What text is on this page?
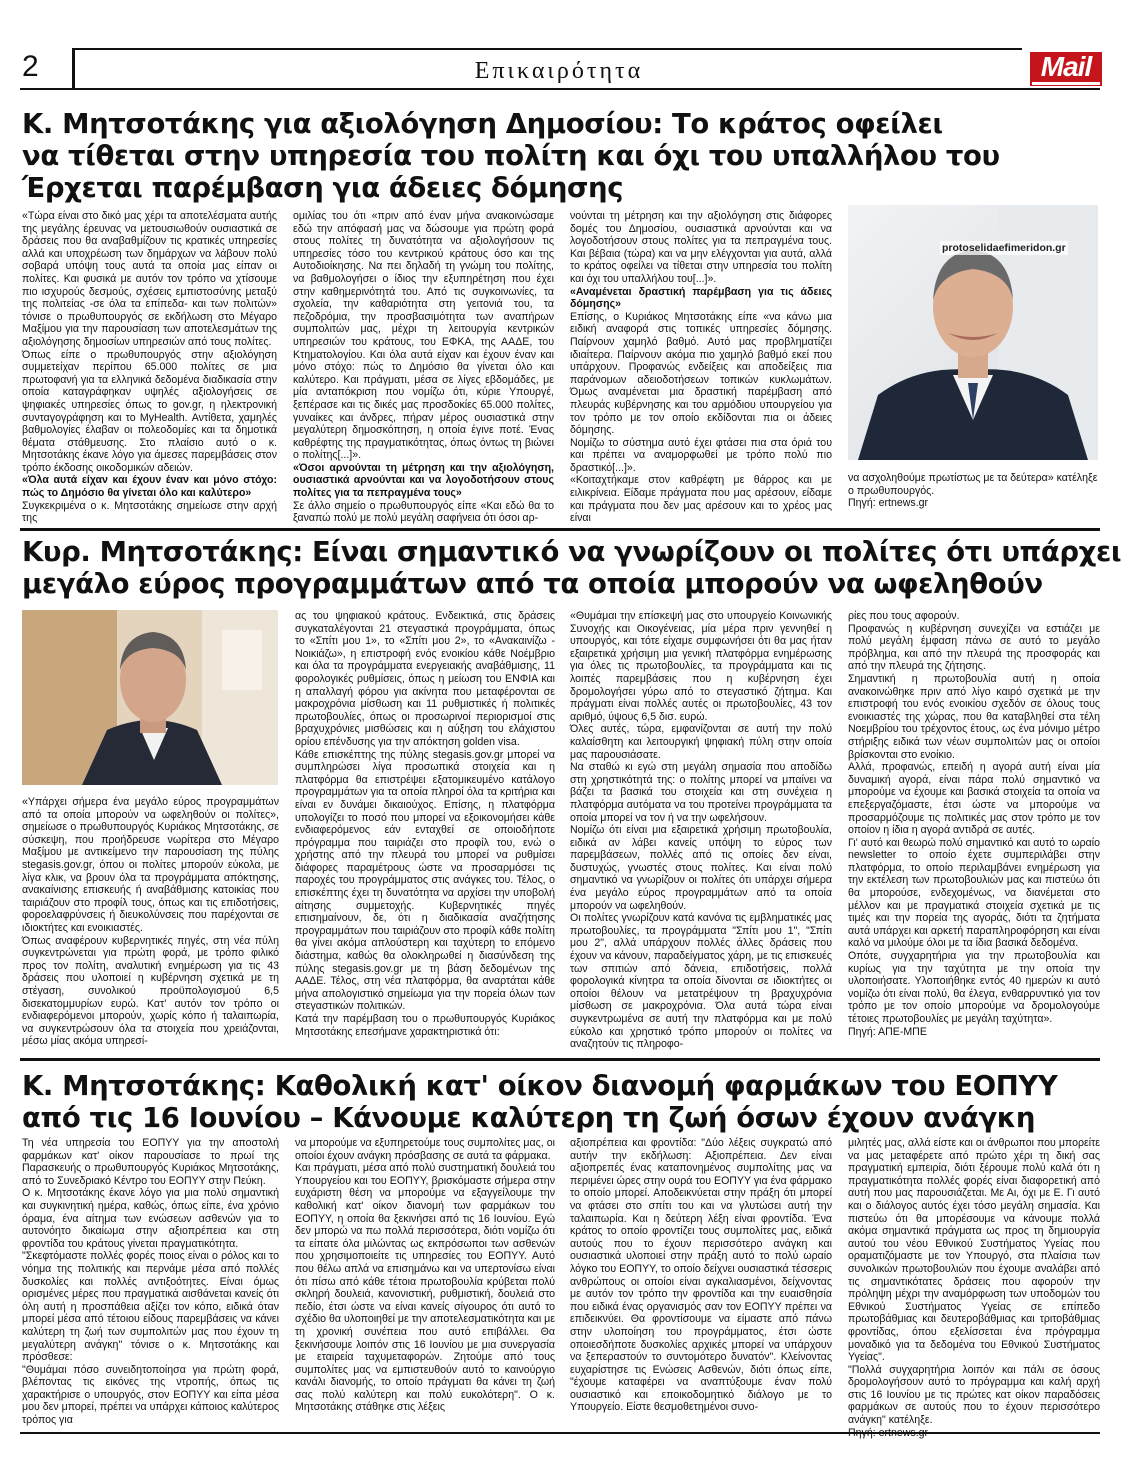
2	Επικαιρότητα	Mail
Κ. Μητσοτάκης για αξιολόγηση Δημοσίου: Το κράτος οφείλει
να τίθεται στην υπηρεσία του πολίτη και όχι του υπαλλήλου του
Έρχεται παρέμβαση για άδειες δόμησης

«Τώρα είναι στο δικό μας χέρι τα αποτελέσματα αυτής της μεγάλης έρευνας να μετουσιωθούν ουσιαστικά σε δράσεις που θα αναβαθμίζουν τις κρατικές υπηρεσίες αλλά και υποχρέωση των δημάρχων να λάβουν πολύ σοβαρά υπόψη τους αυτά τα οποία μας είπαν οι πολίτες. Και φυσικά με αυτόν τον τρόπο να χτίσουμε πιο ισχυρούς δεσμούς, σχέσεις εμπιστοσύνης μεταξύ της πολιτείας -σε όλα τα επίπεδα- και των πολιτών» τόνισε ο πρωθυπουργός σε εκδήλωση στο Μέγαρο Μαξίμου για την παρουσίαση των αποτελεσμάτων της αξιολόγησης δημοσίων υπηρεσιών από τους πολίτες.

Όπως είπε ο πρωθυπουργός στην αξιολόγηση συμμετείχαν περίπου 65.000 πολίτες σε μια πρωτοφανή για τα ελληνικά δεδομένα διαδικασία στην οποία καταγράφηκαν υψηλές αξιολογήσεις σε ψηφιακές υπηρεσίες όπως το gov.gr, η ηλεκτρονική συνταγογράφηση και το MyHealth. Αντίθετα, χαμηλές βαθμολογίες έλαβαν οι πολεοδομίες και τα δημοτικά θέματα στάθμευσης. Στο πλαίσιο αυτό ο κ. Μητσοτάκης έκανε λόγο για άμεσες παρεμβάσεις στον τρόπο έκδοσης οικοδομικών αδειών.

«Όλα αυτά είχαν και έχουν έναν και μόνο στόχο: πώς το Δημόσιο θα γίνεται όλο και καλύτερο»

Συγκεκριμένα ο κ. Μητσοτάκης σημείωσε στην αρχή της

ομιλίας του ότι «πριν από έναν μήνα ανακοινώσαμε εδώ την απόφασή μας να δώσουμε για πρώτη φορά στους πολίτες τη δυνατότητα να αξιολογήσουν τις υπηρεσίες τόσο του κεντρικού κράτους όσο και της Αυτοδιοίκησης. Να πει δηλαδή τη γνώμη του πολίτης, να βαθμολογήσει ο ίδιος την εξυπηρέτηση που έχει στην καθημερινότητά του. Από τις συγκοινωνίες, τα σχολεία, την καθαριότητα στη γειτονιά του, τα πεζοδρόμια, την προσβασιμότητα των αναπήρων συμπολιτών μας, μέχρι τη λειτουργία κεντρικών υπηρεσιών του κράτους, του ΕΦΚΑ, της ΑΑΔΕ, του Κτηματολογίου. Και όλα αυτά είχαν και έχουν έναν και μόνο στόχο: πώς το Δημόσιο θα γίνεται όλο και καλύτερο. Και πράγματι, μέσα σε λίγες εβδομάδες, με μία ανταπόκριση που νομίζω ότι, κύριε Υπουργέ, ξεπέρασε και τις δικές μας προσδοκίες 65.000 πολίτες, γυναίκες και άνδρες, πήραν μέρος ουσιαστικά στην μεγαλύτερη δημοσκόπηση, η οποία έγινε ποτέ. Ένας καθρέφτης της πραγματικότητας, όπως όντως τη βιώνει ο πολίτης[...]».

«Όσοι αρνούνται τη μέτρηση και την αξιολόγηση, ουσιαστικά αρνούνται και να λογοδοτήσουν στους πολίτες για τα πεπραγμένα τους»

Σε άλλο σημείο ο πρωθυπουργός είπε «Και εδώ θα το ξαναπώ πολύ με πολύ μεγάλη σαφήνεια ότι όσοι αρ-

νούνται τη μέτρηση και την αξιολόγηση στις διάφορες δομές του Δημοσίου, ουσιαστικά αρνούνται και να λογοδοτήσουν στους πολίτες για τα πεπραγμένα τους. Και βέβαια (τώρα) και να μην ελέγχονται για αυτά, αλλά το κράτος οφείλει να τίθεται στην υπηρεσία του πολίτη και όχι του υπαλλήλου του[...]».

«Αναμένεται δραστική παρέμβαση για τις άδειες δόμησης»

Επίσης, ο Κυριάκος Μητσοτάκης είπε «να κάνω μια ειδική αναφορά στις τοπικές υπηρεσίες δόμησης. Παίρνουν χαμηλό βαθμό. Αυτό μας προβληματίζει ιδιαίτερα. Παίρνουν ακόμα πιο χαμηλό βαθμό εκεί που υπάρχουν. Προφανώς ενδείξεις και αποδείξεις πια παράνομων αδειοδοτήσεων τοπικών κυκλωμάτων. Όμως αναμένεται μια δραστική παρέμβαση από πλευράς κυβέρνησης και του αρμόδιου υπουργείου για τον τρόπο με τον οποίο εκδίδονται πια οι άδειες δόμησης.

Νομίζω το σύστημα αυτό έχει φτάσει πια στα όριά του και πρέπει να αναμορφωθεί με τρόπο πολύ πιο δραστικό[...]».

«Κοιταχτήκαμε στον καθρέφτη με θάρρος και με ειλικρίνεια. Είδαμε πράγματα που μας αρέσουν, είδαμε και πράγματα που δεν μας αρέσουν και το χρέος μας είναι

protoselidaefimeridon.gr

να ασχοληθούμε πρωτίστως με τα δεύτερα» κατέληξε ο πρωθυπουργός.

Πηγή: ertnews.gr

Κυρ. Μητσοτάκης: Είναι σημαντικό να γνωρίζουν οι πολίτες ότι υπάρχει
μεγάλο εύρος προγραμμάτων από τα οποία μπορούν να ωφεληθούν

«Υπάρχει σήμερα ένα μεγάλο εύρος προγραμμάτων από τα οποία μπορούν να ωφεληθούν οι πολίτες», σημείωσε ο πρωθυπουργός Κυριάκος Μητσοτάκης, σε σύσκεψη, που προήδρευσε νωρίτερα στο Μέγαρο Μαξίμου με αντικείμενο την παρουσίαση της πύλης stegasis.gov.gr, όπου οι πολίτες μπορούν εύκολα, με λίγα κλικ, να βρουν όλα τα προγράμματα απόκτησης, ανακαίνισης επισκευής ή αναβάθμισης κατοικίας που ταιριάζουν στο προφίλ τους, όπως και τις επιδοτήσεις, φοροελαφρύνσεις ή διευκολύνσεις που παρέχονται σε ιδιοκτήτες και ενοικιαστές.

Όπως αναφέρουν κυβερνητικές πηγές, στη νέα πύλη συγκεντρώνεται για πρώτη φορά, με τρόπο φιλικό προς τον πολίτη, αναλυτική ενημέρωση για τις 43 δράσεις που υλοποιεί η κυβέρνηση σχετικά με τη στέγαση, συνολικού προϋπολογισμού 6,5 δισεκατομμυρίων ευρώ. Κατ' αυτόν τον τρόπο οι ενδιαφερόμενοι μπορούν, χωρίς κόπο ή ταλαιπωρία, να συγκεντρώσουν όλα τα στοιχεία που χρειάζονται, μέσω μίας ακόμα υπηρεσί-

ας του ψηφιακού κράτους. Ενδεικτικά, στις δράσεις συγκαταλέγονται 21 στεγαστικά προγράμματα, όπως το «Σπίτι μου 1», το «Σπίτι μου 2», το «Ανακαινίζω - Νοικιάζω», η επιστροφή ενός ενοικίου κάθε Νοέμβριο και όλα τα προγράμματα ενεργειακής αναβάθμισης, 11 φορολογικές ρυθμίσεις, όπως η μείωση του ΕΝΦΙΑ και η απαλλαγή φόρου για ακίνητα που μεταφέρονται σε μακροχρόνια μίσθωση και 11 ρυθμιστικές ή πολιτικές πρωτοβουλίες, όπως οι προσωρινοί περιορισμοί στις βραχυχρόνιες μισθώσεις και η αύξηση του ελάχιστου ορίου επένδυσης για την απόκτηση golden visa.

Κάθε επισκέπτης της πύλης stegasis.gov.gr μπορεί να συμπληρώσει λίγα προσωπικά στοιχεία και η πλατφόρμα θα επιστρέψει εξατομικευμένο κατάλογο προγραμμάτων για τα οποία πληροί όλα τα κριτήρια και είναι εν δυνάμει δικαιούχος. Επίσης, η πλατφόρμα υπολογίζει το ποσό που μπορεί να εξοικονομήσει κάθε ενδιαφερόμενος εάν ενταχθεί σε οποιοδήποτε πρόγραμμα που ταιριάζει στο προφίλ του, ενώ ο χρήστης από την πλευρά του μπορεί να ρυθμίσει διάφορες παραμέτρους ώστε να προσαρμόσει τις παροχές του προγράμματος στις ανάγκες του. Τέλος, ο επισκέπτης έχει τη δυνατότητα να αρχίσει την υποβολή αίτησης συμμετοχής. Κυβερνητικές πηγές επισημαίνουν, δε, ότι η διαδικασία αναζήτησης προγραμμάτων που ταιριάζουν στο προφίλ κάθε πολίτη θα γίνει ακόμα απλούστερη και ταχύτερη το επόμενο διάστημα, καθώς θα ολοκληρωθεί η διασύνδεση της πύλης stegasis.gov.gr με τη βάση δεδομένων της ΑΑΔΕ. Τέλος, στη νέα πλατφόρμα, θα αναρτάται κάθε μήνα απολογιστικό σημείωμα για την πορεία όλων των στεγαστικών πολιτικών.

Κατά την παρέμβαση του ο πρωθυπουργός Κυριάκος Μητσοτάκης επεσήμανε χαρακτηριστικά ότι:

«Θυμάμαι την επίσκεψή μας στο υπουργείο Κοινωνικής Συνοχής και Οικογένειας, μία μέρα πριν γεννηθεί η υπουργός, και τότε είχαμε συμφωνήσει ότι θα μας ήταν εξαιρετικά χρήσιμη μια γενική πλατφόρμα ενημέρωσης για όλες τις πρωτοβουλίες, τα προγράμματα και τις λοιπές παρεμβάσεις που η κυβέρνηση έχει δρομολογήσει γύρω από το στεγαστικό ζήτημα. Και πράγματι είναι πολλές αυτές οι πρωτοβουλίες, 43 τον αριθμό, ύψους 6,5 δισ. ευρώ.

Όλες αυτές, τώρα, εμφανίζονται σε αυτή την πολύ καλαίσθητη και λειτουργική ψηφιακή πύλη στην οποία μας παρουσιάσατε.

Να σταθώ κι εγώ στη μεγάλη σημασία που αποδίδω στη χρηστικότητά της: ο πολίτης μπορεί να μπαίνει να βάζει τα βασικά του στοιχεία και στη συνέχεια η πλατφόρμα αυτόματα να του προτείνει προγράμματα τα οποία μπορεί να τον ή να την ωφελήσουν.

Νομίζω ότι είναι μια εξαιρετικά χρήσιμη πρωτοβουλία, ειδικά αν λάβει κανείς υπόψη το εύρος των παρεμβάσεων, πολλές από τις οποίες δεν είναι, δυστυχώς, γνωστές στους πολίτες. Και είναι πολύ σημαντικό να γνωρίζουν οι πολίτες ότι υπάρχει σήμερα ένα μεγάλο εύρος προγραμμάτων από τα οποία μπορούν να ωφεληθούν.

Οι πολίτες γνωρίζουν κατά κανόνα τις εμβληματικές μας πρωτοβουλίες, τα προγράμματα "Σπίτι μου 1", "Σπίτι μου 2", αλλά υπάρχουν πολλές άλλες δράσεις που έχουν να κάνουν, παραδείγματος χάρη, με τις επισκευές των σπιτιών από δάνεια, επιδοτήσεις, πολλά φορολογικά κίνητρα τα οποία δίνονται σε ιδιοκτήτες οι οποίοι θέλουν να μετατρέψουν τη βραχυχρόνια μίσθωση σε μακροχρόνια. Όλα αυτά τώρα είναι συγκεντρωμένα σε αυτή την πλατφόρμα και με πολύ εύκολο και χρηστικό τρόπο μπορούν οι πολίτες να αναζητούν τις πληροφο-

ρίες που τους αφορούν.

Προφανώς η κυβέρνηση συνεχίζει να εστιάζει με πολύ μεγάλη έμφαση πάνω σε αυτό το μεγάλο πρόβλημα, και από την πλευρά της προσφοράς και από την πλευρά της ζήτησης.

Σημαντική η πρωτοβουλία αυτή η οποία ανακοινώθηκε πριν από λίγο καιρό σχετικά με την επιστροφή του ενός ενοικίου σχεδόν σε όλους τους ενοικιαστές της χώρας, που θα καταβληθεί στα τέλη Νοεμβρίου του τρέχοντος έτους, ως ένα μόνιμο μέτρο στήριξης ειδικά των νέων συμπολιτών μας οι οποίοι βρίσκονται στο ενοίκιο.

Αλλά, προφανώς, επειδή η αγορά αυτή είναι μία δυναμική αγορά, είναι πάρα πολύ σημαντικό να μπορούμε να έχουμε και βασικά στοιχεία τα οποία να επεξεργαζόμαστε, έτσι ώστε να μπορούμε να προσαρμόζουμε τις πολιτικές μας στον τρόπο με τον οποίον η ίδια η αγορά αντιδρά σε αυτές.

Γι' αυτό και θεωρώ πολύ σημαντικό και αυτό το ωραίο newsletter το οποίο έχετε συμπεριλάβει στην πλατφόρμα, το οποίο περιλαμβάνει ενημέρωση για την εκτέλεση των πρωτοβουλιών μας και πιστεύω ότι θα μπορούσε, ενδεχομένως, να διανέμεται στο μέλλον και με πραγματικά στοιχεία σχετικά με τις τιμές και την πορεία της αγοράς, διότι τα ζητήματα αυτά υπάρχει και αρκετή παραπληροφόρηση και είναι καλό να μιλούμε όλοι με τα ίδια βασικά δεδομένα.

Οπότε, συγχαρητήρια για την πρωτοβουλία και κυρίως για την ταχύτητα με την οποία την υλοποιήσατε. Υλοποιήθηκε εντός 40 ημερών κι αυτό νομίζω ότι είναι πολύ, θα έλεγα, ενθαρρυντικό για τον τρόπο με τον οποίο μπορούμε να δρομολογούμε τέτοιες πρωτοβουλίες με μεγάλη ταχύτητα».

Πηγή: ΑΠΕ-ΜΠΕ

Κ. Μητσοτάκης: Καθολική κατ' οίκον διανομή φαρμάκων του ΕΟΠΥΥ
από τις 16 Ιουνίου – Κάνουμε καλύτερη τη ζωή όσων έχουν ανάγκη

Τη νέα υπηρεσία του ΕΟΠΥΥ για την αποστολή φαρμάκων κατ' οίκον παρουσίασε το πρωί της Παρασκευής ο πρωθυπουργός Κυριάκος Μητσοτάκης, από το Συνεδριακό Κέντρο του ΕΟΠΥΥ στην Πεύκη.

Ο κ. Μητσοτάκης έκανε λόγο για μια πολύ σημαντική και συγκινητική ημέρα, καθώς, όπως είπε, ένα χρόνιο όραμα, ένα αίτημα των ενώσεων ασθενών για το αυτονόητο δικαίωμα στην αξιοπρέπεια και στη φροντίδα του κράτους γίνεται πραγματικότητα.

"Σκεφτόμαστε πολλές φορές ποιος είναι ο ρόλος και το νόημα της πολιτικής και περνάμε μέσα από πολλές δυσκολίες και πολλές αντιξοότητες. Είναι όμως ορισμένες μέρες που πραγματικά αισθάνεται κανείς ότι όλη αυτή η προσπάθεια αξίζει τον κόπο, ειδικά όταν μπορεί μέσα από τέτοιου είδους παρεμβάσεις να κάνει καλύτερη τη ζωή των συμπολιτών μας που έχουν τη μεγαλύτερη ανάγκη" τόνισε ο κ. Μητσοτάκης και πρόσθεσε:

"Θυμάμαι πόσο συνειδητοποίησα για πρώτη φορά, βλέποντας τις εικόνες της ντροπής, όπως τις χαρακτήρισε ο υπουργός, στον ΕΟΠΥΥ και είπα μέσα μου δεν μπορεί, πρέπει να υπάρχει κάποιος καλύτερος τρόπος για

να μπορούμε να εξυπηρετούμε τους συμπολίτες μας, οι οποίοι έχουν ανάγκη πρόσβασης σε αυτά τα φάρμακα.

Και πράγματι, μέσα από πολύ συστηματική δουλειά του Υπουργείου και του ΕΟΠΥΥ, βρισκόμαστε σήμερα στην ευχάριστη θέση να μπορούμε να εξαγγείλουμε την καθολική κατ' οίκον διανομή των φαρμάκων του ΕΟΠΥΥ, η οποία θα ξεκινήσει από τις 16 Ιουνίου. Εγώ δεν μπορώ να πω πολλά περισσότερα, διότι νομίζω ότι τα είπατε όλα μιλώντας ως εκπρόσωποι των ασθενών που χρησιμοποιείτε τις υπηρεσίες του ΕΟΠΥΥ. Αυτό που θέλω απλά να επισημάνω και να υπερτονίσω είναι ότι πίσω από κάθε τέτοια πρωτοβουλία κρύβεται πολύ σκληρή δουλειά, κανονιστική, ρυθμιστική, δουλειά στο πεδίο, έτσι ώστε να είναι κανείς σίγουρος ότι αυτό το σχέδιο θα υλοποιηθεί με την αποτελεσματικότητα και με τη χρονική συνέπεια που αυτό επιβάλλει. Θα ξεκινήσουμε λοιπόν στις 16 Ιουνίου με μια συνεργασία με εταιρεία ταχυμεταφορών. Ζητούμε από τους συμπολίτες μας να εμπιστευθούν αυτό το καινούργιο κανάλι διανομής, το οποίο πράγματι θα κάνει τη ζωή σας πολύ καλύτερη και πολύ ευκολότερη". Ο κ. Μητσοτάκης στάθηκε στις λέξεις

αξιοπρέπεια και φροντίδα: "Δύο λέξεις συγκρατώ από αυτήν την εκδήλωση: Αξιοπρέπεια. Δεν είναι αξιοπρεπές ένας καταπονημένος συμπολίτης μας να περιμένει ώρες στην ουρά του ΕΟΠΥΥ για ένα φάρμακο το οποίο μπορεί. Αποδεικνύεται στην πράξη ότι μπορεί να φτάσει στο σπίτι του και να γλυτώσει αυτή την ταλαιπωρία. Και η δεύτερη λέξη είναι φροντίδα. Ένα κράτος το οποίο φροντίζει τους συμπολίτες μας, ειδικά αυτούς που το έχουν περισσότερο ανάγκη και ουσιαστικά υλοποιεί στην πράξη αυτό το πολύ ωραίο λόγκο του ΕΟΠΥΥ, το οποίο δείχνει ουσιαστικά τέσσερις ανθρώπους οι οποίοι είναι αγκαλιασμένοι, δείχνοντας με αυτόν τον τρόπο την φροντίδα και την ευαισθησία που ειδικά ένας οργανισμός σαν τον ΕΟΠΥΥ πρέπει να επιδεικνύει. Θα φροντίσουμε να είμαστε από πάνω στην υλοποίηση του προγράμματος, έτσι ώστε οποιεσδήποτε δυσκολίες αρχικές μπορεί να υπάρχουν να ξεπεραστούν το συντομότερο δυνατόν". Κλείνοντας ευχαρίστησε τις Ενώσεις Ασθενών, διότι όπως είπε, "έχουμε καταφέρει να αναπτύξουμε έναν πολύ ουσιαστικό και εποικοδομητικό διάλογο με το Υπουργείο. Είστε θεσμοθετημένοι συνο-

μιλητές μας, αλλά είστε και οι άνθρωποι που μπορείτε να μας μεταφέρετε από πρώτο χέρι τη δική σας πραγματική εμπειρία, διότι ξέρουμε πολύ καλά ότι η πραγματικότητα πολλές φορές είναι διαφορετική από αυτή που μας παρουσιάζεται. Με Αι, όχι με Ε. Γι αυτό και ο διάλογος αυτός έχει τόσο μεγάλη σημασία. Και πιστεύω ότι θα μπορέσουμε να κάνουμε πολλά ακόμα σημαντικά πράγματα ως προς τη δημιουργία αυτού του νέου Εθνικού Συστήματος Υγείας που οραματιζόμαστε με τον Υπουργό, στα πλαίσια των συνολικών πρωτοβουλιών που έχουμε αναλάβει από τις σημαντικότατες δράσεις που αφορούν την πρόληψη μέχρι την αναμόρφωση των υποδομών του Εθνικού Συστήματος Υγείας σε επίπεδο πρωτοβάθμιας και δευτεροβάθμιας και τριτοβάθμιας φροντίδας, όπου εξελίσσεται ένα πρόγραμμα μοναδικό για τα δεδομένα του Εθνικού Συστήματος Υγείας".

"Πολλά συγχαρητήρια λοιπόν και πάλι σε όσους δρομολογήσουν αυτό το πρόγραμμα και καλή αρχή στις 16 Ιουνίου με τις πρώτες κατ οίκον παραδόσεις φαρμάκων σε αυτούς που το έχουν περισσότερο ανάγκη" κατέληξε.
